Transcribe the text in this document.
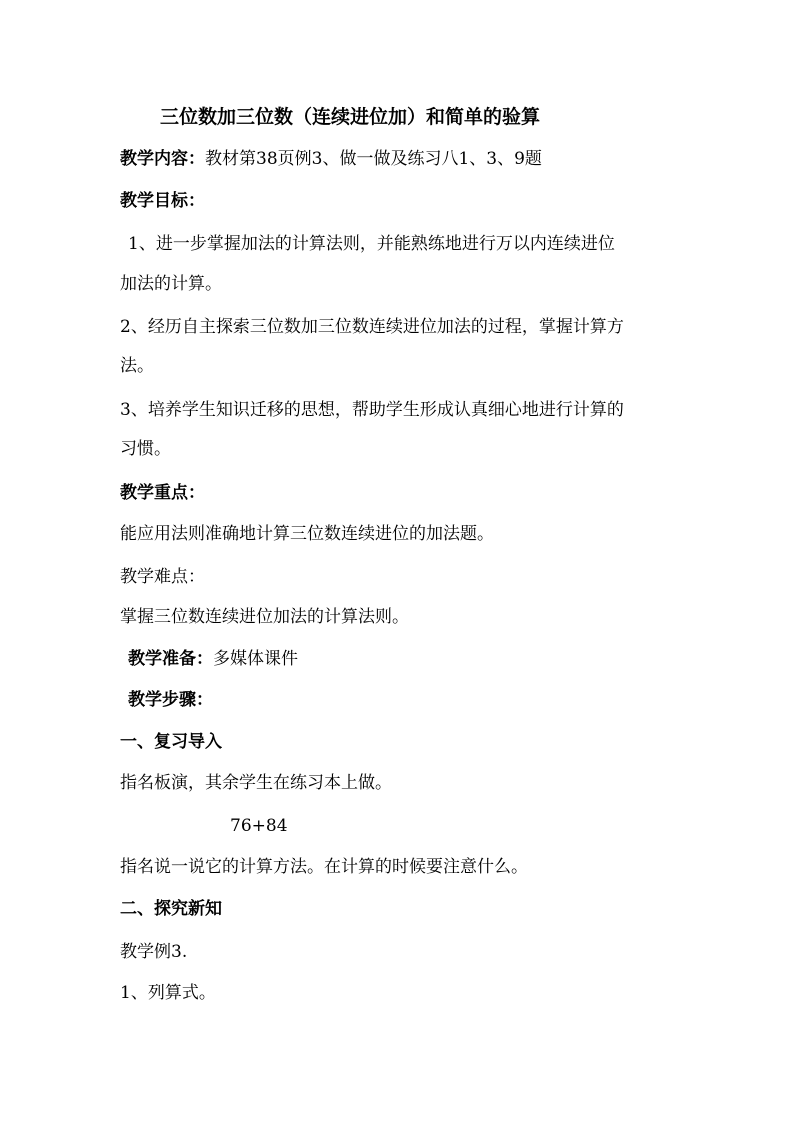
三位数加三位数（连续进位加）和简单的验算
教学内容：教材第38页例3、做一做及练习八1、3、9题
教学目标：
1、进一步掌握加法的计算法则，并能熟练地进行万以内连续进位
加法的计算。
2、经历自主探索三位数加三位数连续进位加法的过程，掌握计算方
法。
3、培养学生知识迁移的思想，帮助学生形成认真细心地进行计算的
习惯。
教学重点：
能应用法则准确地计算三位数连续进位的加法题。
教学难点：
掌握三位数连续进位加法的计算法则。
教学准备：多媒体课件
教学步骤：
一、复习导入
指名板演，其余学生在练习本上做。
76+84
指名说一说它的计算方法。在计算的时候要注意什么。
二、探究新知
教学例3.
1、列算式。
